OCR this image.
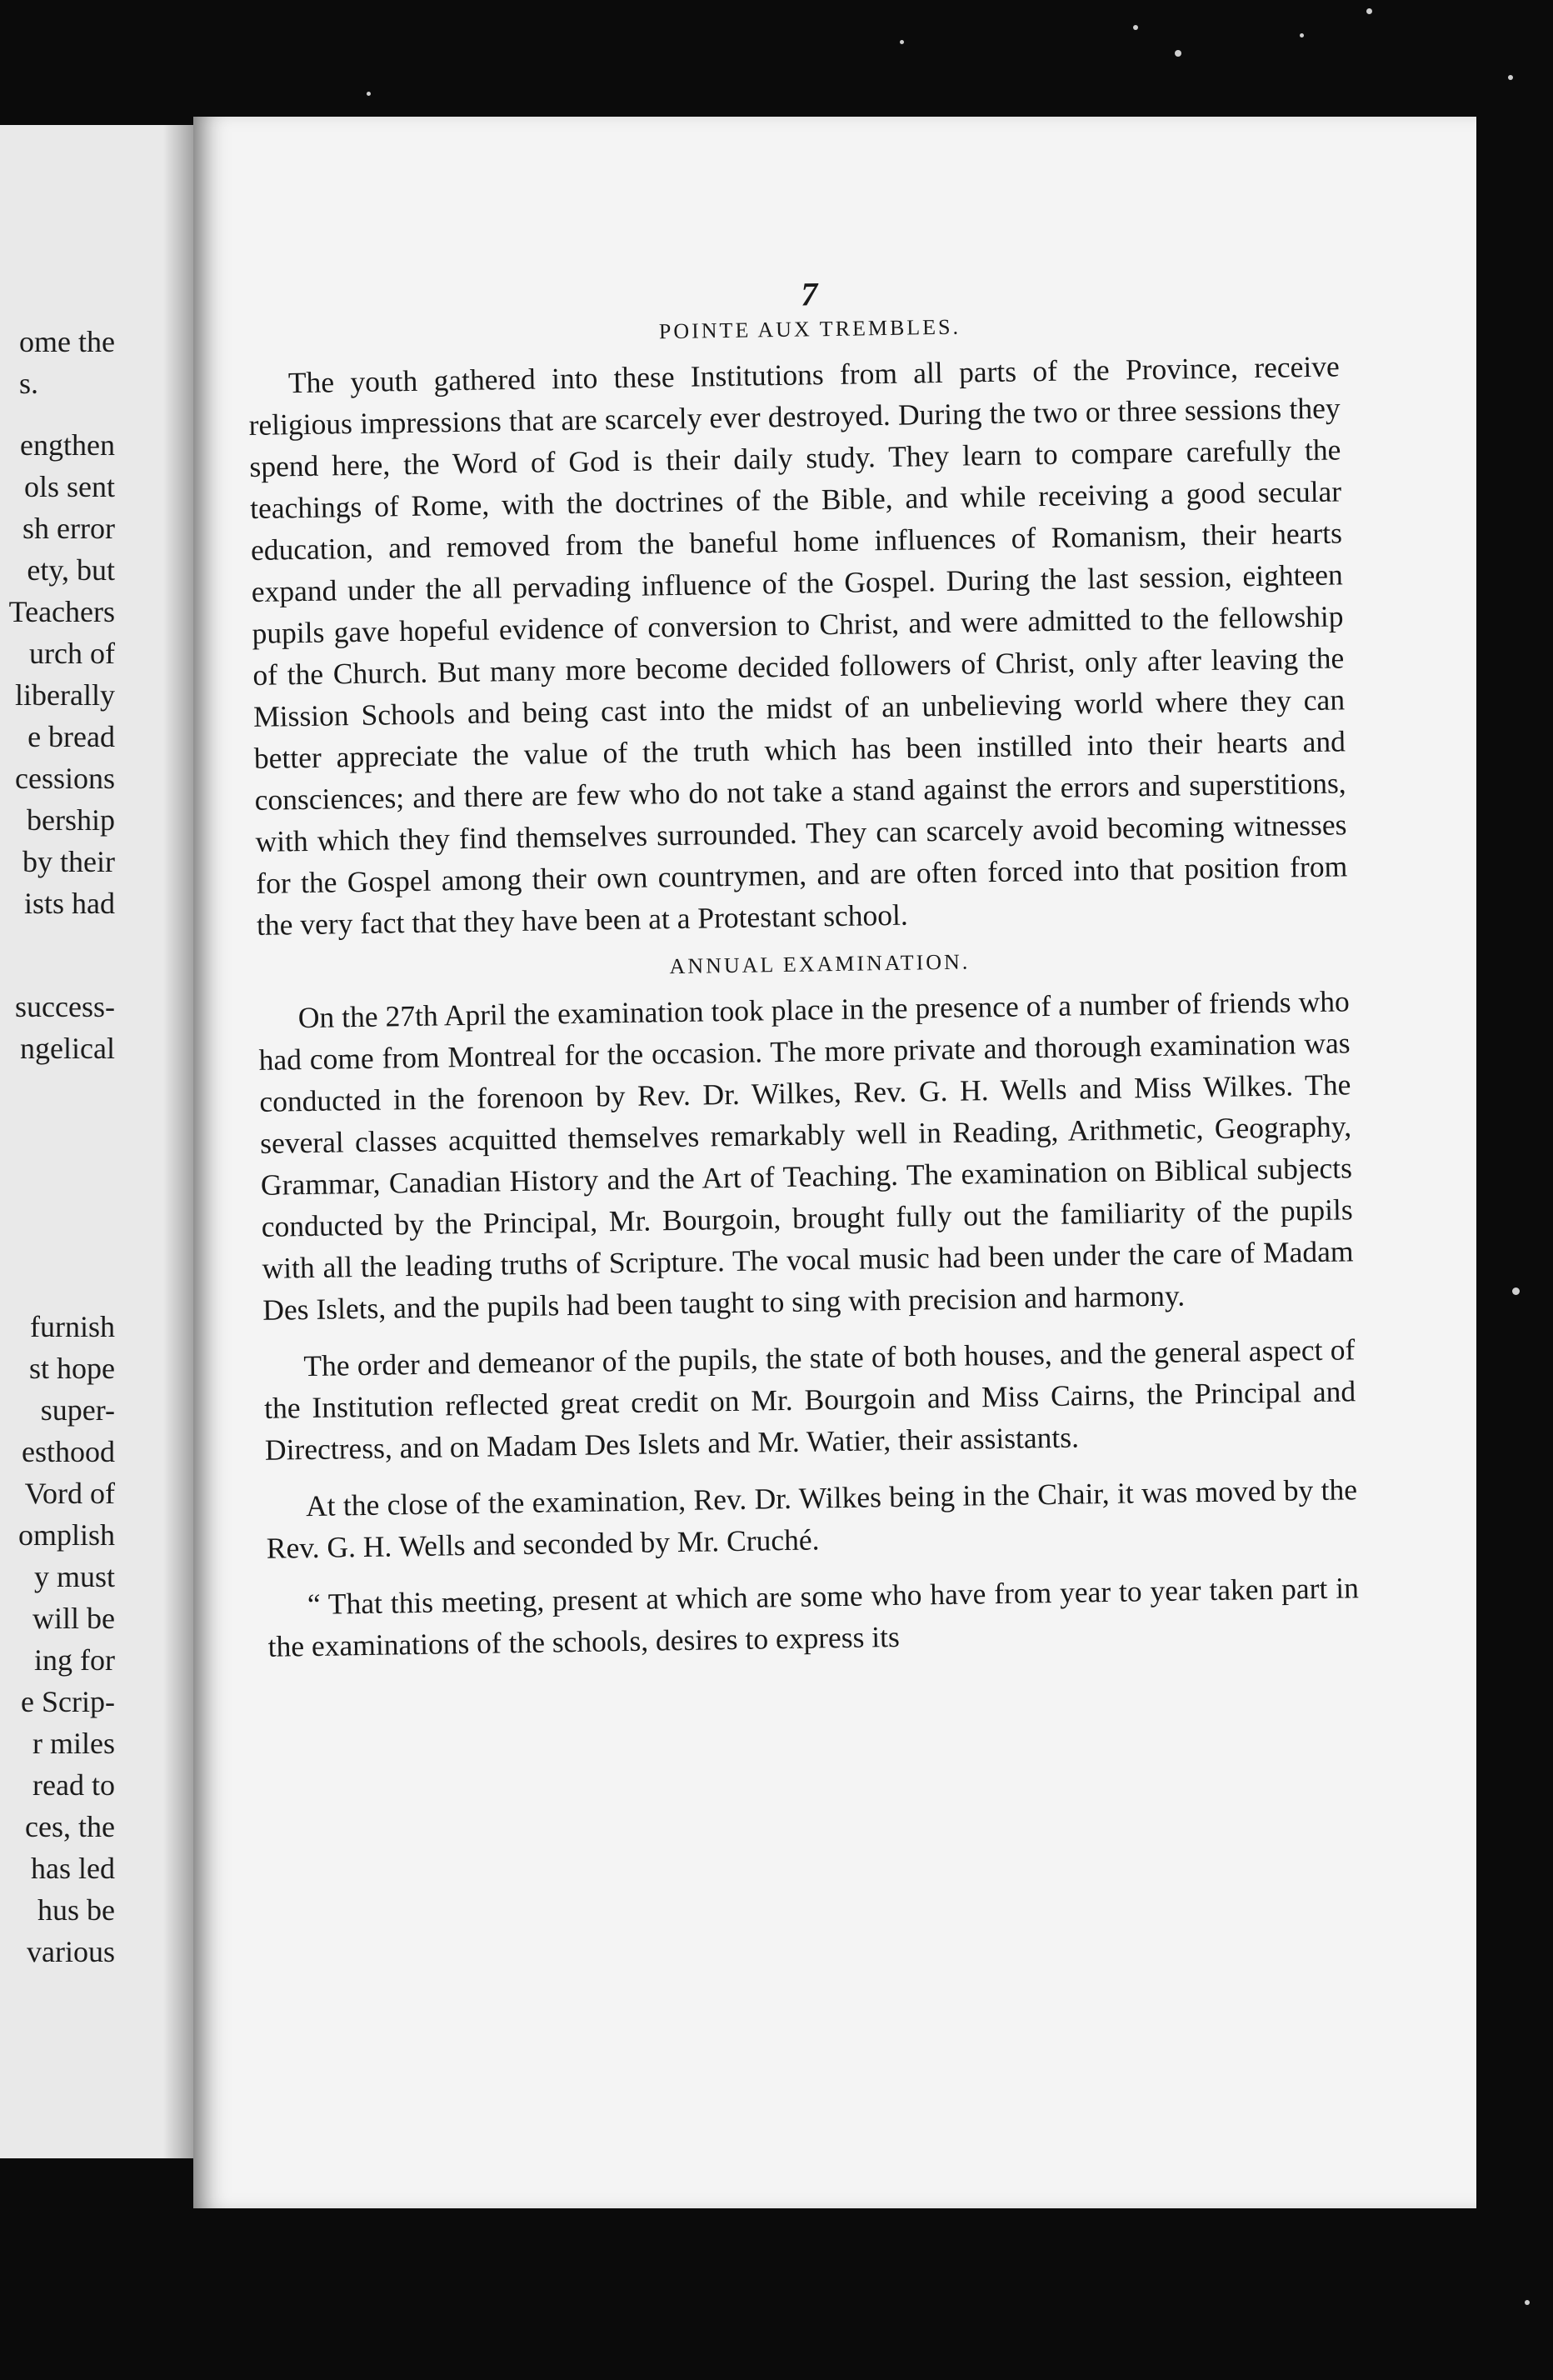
ome the
s.
engthen
ols sent
sh error
ety, but
Teachers
urch of
liberally
e bread
cessions
bership
by their
ists had
success-
ngelical
furnish
st hope
super-
esthood
Vord of
omplish
y must
will be
ing for
e Scrip-
r miles
read to
ces, the
has led
hus be
various
7
POINTE AUX TREMBLES.

The youth gathered into these Institutions from all parts of the Province, receive religious impressions that are scarcely ever destroyed. During the two or three sessions they spend here, the Word of God is their daily study. They learn to compare carefully the teachings of Rome, with the doctrines of the Bible, and while receiving a good secular education, and removed from the baneful home influences of Romanism, their hearts expand under the all pervading influence of the Gospel. During the last session, eighteen pupils gave hopeful evidence of conversion to Christ, and were admitted to the fellowship of the Church. But many more become decided followers of Christ, only after leaving the Mission Schools and being cast into the midst of an unbelieving world where they can better appreciate the value of the truth which has been instilled into their hearts and consciences; and there are few who do not take a stand against the errors and superstitions, with which they find themselves surrounded. They can scarcely avoid becoming witnesses for the Gospel among their own countrymen, and are often forced into that position from the very fact that they have been at a Protestant school.

ANNUAL EXAMINATION.

On the 27th April the examination took place in the presence of a number of friends who had come from Montreal for the occasion. The more private and thorough examination was conducted in the forenoon by Rev. Dr. Wilkes, Rev. G. H. Wells and Miss Wilkes. The several classes acquitted themselves remarkably well in Reading, Arithmetic, Geography, Grammar, Canadian History and the Art of Teaching. The examination on Biblical subjects conducted by the Principal, Mr. Bourgoin, brought fully out the familiarity of the pupils with all the leading truths of Scripture. The vocal music had been under the care of Madam Des Islets, and the pupils had been taught to sing with precision and harmony.

The order and demeanor of the pupils, the state of both houses, and the general aspect of the Institution reflected great credit on Mr. Bourgoin and Miss Cairns, the Principal and Directress, and on Madam Des Islets and Mr. Watier, their assistants.

At the close of the examination, Rev. Dr. Wilkes being in the Chair, it was moved by the Rev. G. H. Wells and seconded by Mr. Cruché.

“ That this meeting, present at which are some who have from year to year taken part in the examinations of the schools, desires to express its
